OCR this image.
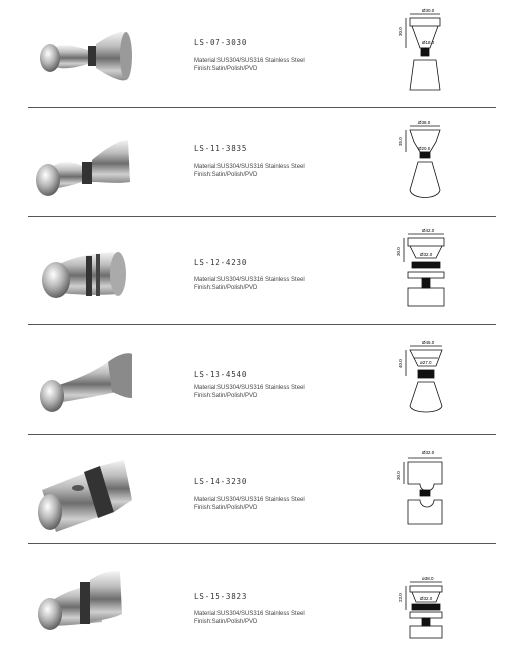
LS-07-3030
Material:SUS304/SUS316 Stainless Steel
Finish:Satin/Polish/PVD
Ø30.0
Ø18.0
30.0
LS-11-3835
Material:SUS304/SUS316 Stainless Steel
Finish:Satin/Polish/PVD
Ø38.0
Ø20.0
35.0
LS-12-4230
Material:SUS304/SUS316 Stainless Steel
Finish:Satin/Polish/PVD
Ø42.0
Ø32.0
30.0
LS-13-4540
Material:SUS304/SUS316 Stainless Steel
Finish:Satin/Polish/PVD
Ø45.0
ø27.0
40.0
LS-14-3230
Material:SUS304/SUS316 Stainless Steel
Finish:Satin/Polish/PVD
Ø32.0
30.0
LS-15-3823
Material:SUS304/SUS316 Stainless Steel
Finish:Satin/Polish/PVD
ø38.0
Ø32.0
23.0
